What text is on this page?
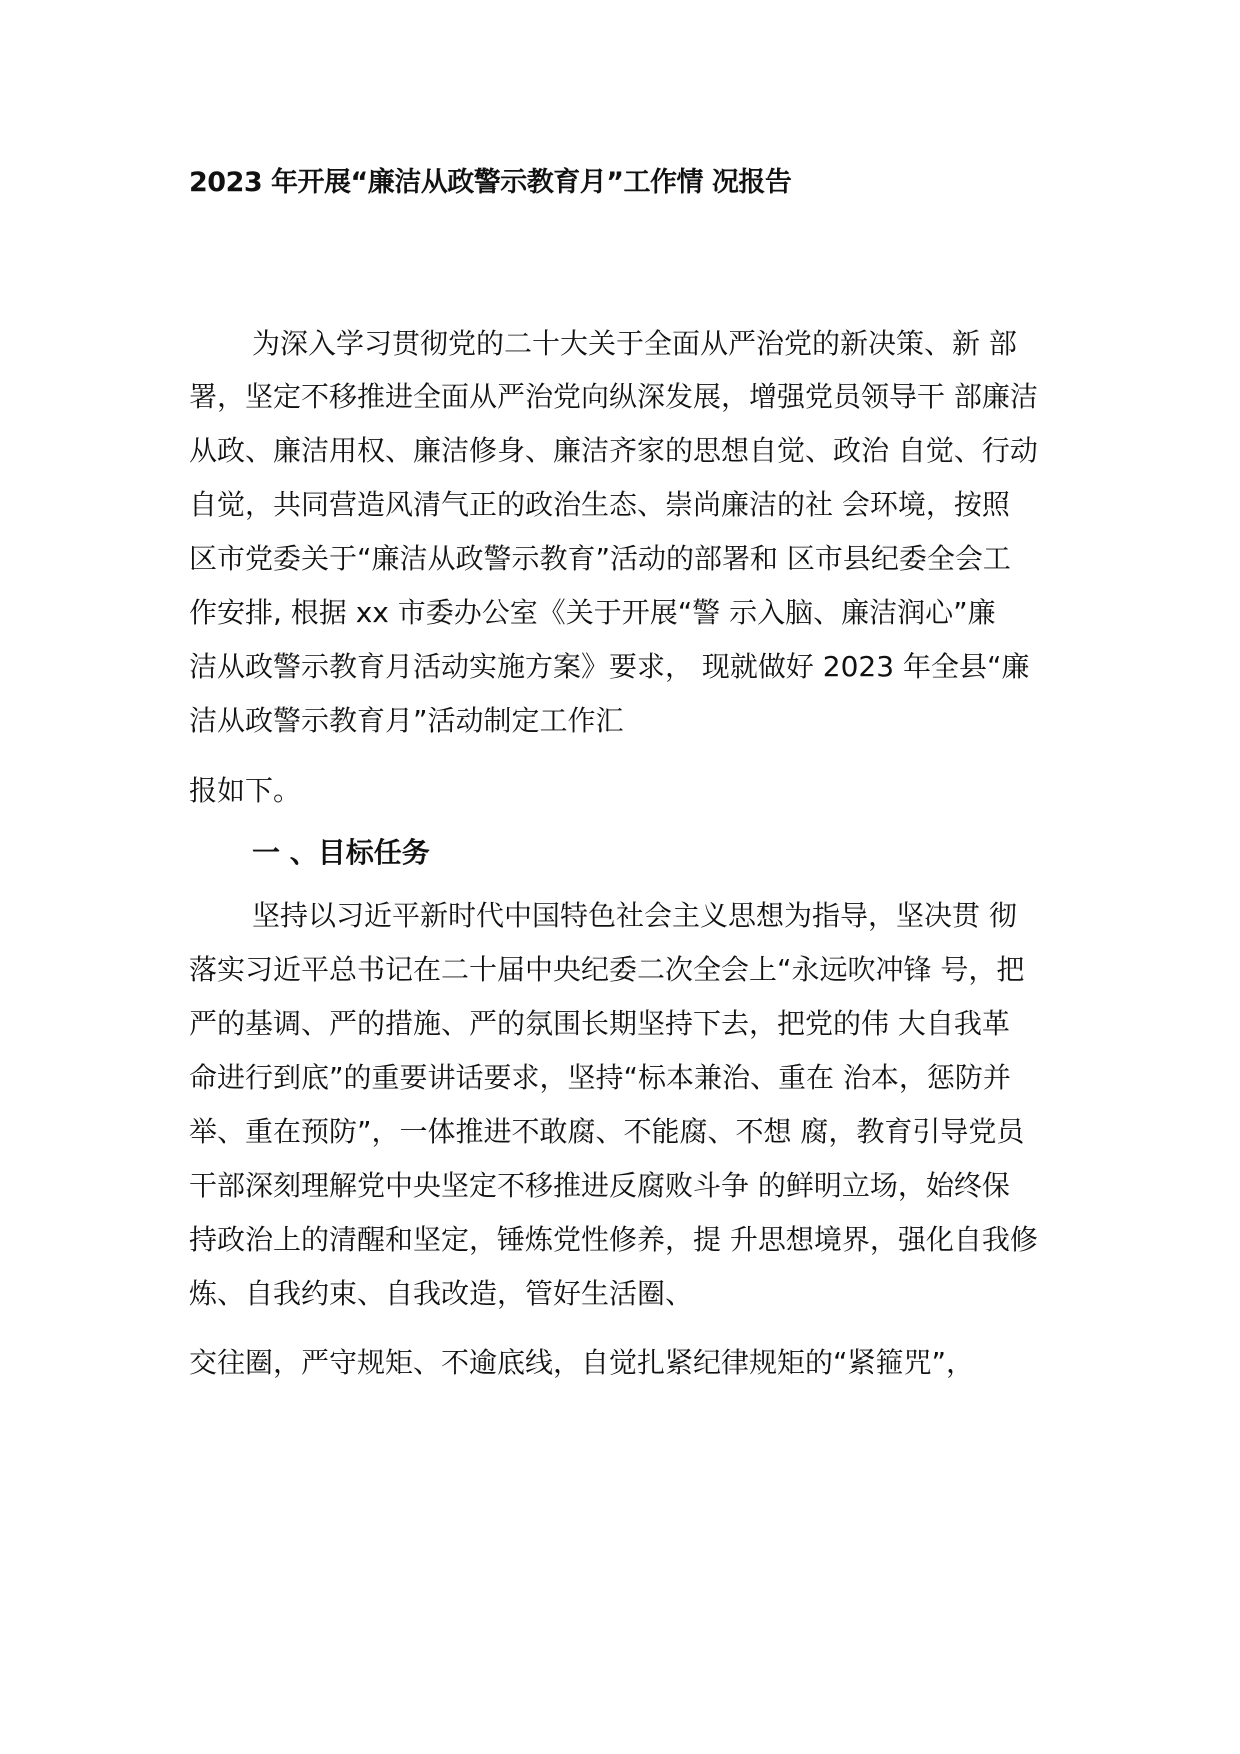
2023 年开展“廉洁从政警示教育月”工作情 况报告

为深入学习贯彻党的二十大关于全面从严治党的新决策、新 部

署，坚定不移推进全面从严治党向纵深发展，增强党员领导干 部廉洁

从政、廉洁用权、廉洁修身、廉洁齐家的思想自觉、政治 自觉、行动

自觉，共同营造风清气正的政治生态、崇尚廉洁的社 会环境，按照

区市党委关于“廉洁从政警示教育”活动的部署和 区市县纪委全会工

作安排, 根据 xx 市委办公室《关于开展“警 示入脑、廉洁润心”廉

洁从政警示教育月活动实施方案》要求， 现就做好 2023 年全县“廉

洁从政警示教育月”活动制定工作汇

报如下。

一 、目标任务

坚持以习近平新时代中国特色社会主义思想为指导，坚决贯 彻

落实习近平总书记在二十届中央纪委二次全会上“永远吹冲锋 号，把

严的基调、严的措施、严的氛围长期坚持下去，把党的伟 大自我革

命进行到底”的重要讲话要求，坚持“标本兼治、重在 治本，惩防并

举、重在预防”，一体推进不敢腐、不能腐、不想 腐，教育引导党员

干部深刻理解党中央坚定不移推进反腐败斗争 的鲜明立场，始终保

持政治上的清醒和坚定，锤炼党性修养，提 升思想境界，强化自我修

炼、自我约束、自我改造，管好生活圈、

交往圈，严守规矩、不逾底线，自觉扎紧纪律规矩的“紧箍咒”，
